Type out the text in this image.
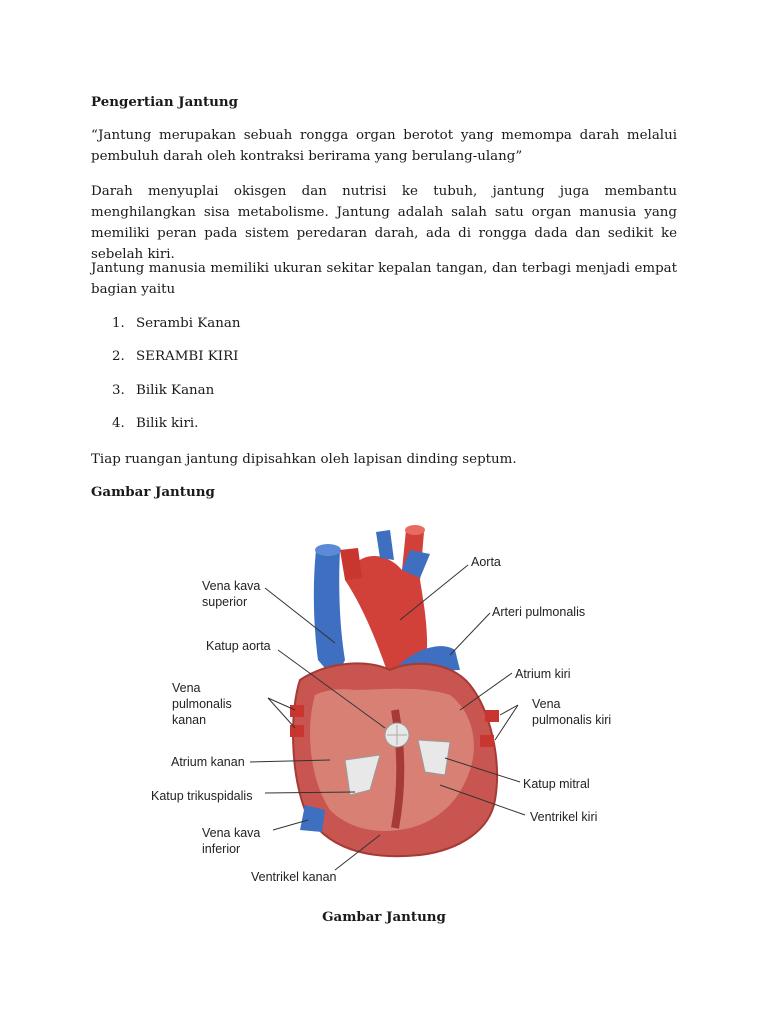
Pengertian Jantung
“Jantung merupakan sebuah rongga organ berotot yang memompa darah melalui pembuluh darah oleh kontraksi berirama yang berulang-ulang”
Darah menyuplai okisgen dan nutrisi ke tubuh, jantung juga membantu menghilangkan sisa metabolisme. Jantung adalah salah satu organ manusia yang memiliki peran pada sistem peredaran darah, ada di rongga dada dan sedikit ke sebelah kiri.
Jantung manusia memiliki ukuran sekitar kepalan tangan, dan terbagi menjadi empat bagian yaitu
1. Serambi Kanan
2. SERAMBI KIRI
3. Bilik Kanan
4. Bilik kiri.
Tiap ruangan jantung dipisahkan oleh lapisan dinding septum.
Gambar Jantung
Vena kava
superior
Katup aorta
Vena
pulmonalis
kanan
Atrium kanan
Katup trikuspidalis
Vena kava
inferior
Ventrikel kanan
Aorta
Arteri pulmonalis
Atrium kiri
Vena
pulmonalis kiri
Katup mitral
Ventrikel kiri
Gambar Jantung
